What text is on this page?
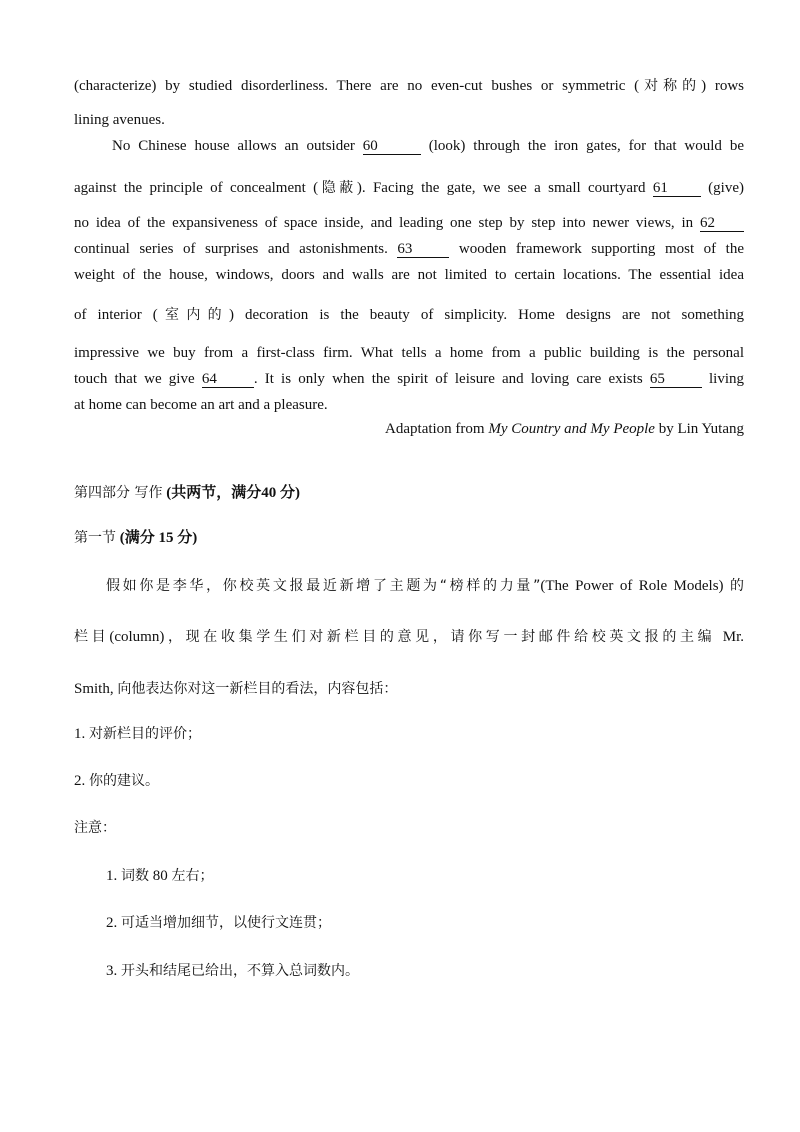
(characterize) by studied disorderliness. There are no even-cut bushes or symmetric (对称的) rows
lining avenues.
No Chinese house allows an outsider 60	(look) through the iron gates, for that would be
against the principle of concealment (隐蔽). Facing the gate, we see a small courtyard 61	(give)
no idea of the expansiveness of space inside, and leading one step by step into newer views, in 62
continual series of surprises and astonishments. 63	wooden framework supporting most of the
weight of the house, windows, doors and walls are not limited to certain locations. The essential idea
of interior (室内的) decoration is the beauty of simplicity. Home designs are not something
impressive we buy from a first-class firm. What tells a home from a public building is the personal
touch that we give 64 . It is only when the spirit of leisure and loving care exists 65	living
at home can become an art and a pleasure.
Adaptation from My Country and My People by Lin Yutang
第四部分 写作 (共两节，满分40 分)
第一节 (满分 15 分)
假如你是李华，你校英文报最近新增了主题为“榜样的力量”(The Power of Role Models) 的
栏目(column)，现在收集学生们对新栏目的意见，请你写一封邮件给校英文报的主编 Mr.
Smith, 向他表达你对这一新栏目的看法，内容包括：
1. 对新栏目的评价；
2. 你的建议。
注意：
1. 词数 80 左右；
2. 可适当增加细节，以使行文连贯；
3. 开头和结尾已给出，不算入总词数内。
